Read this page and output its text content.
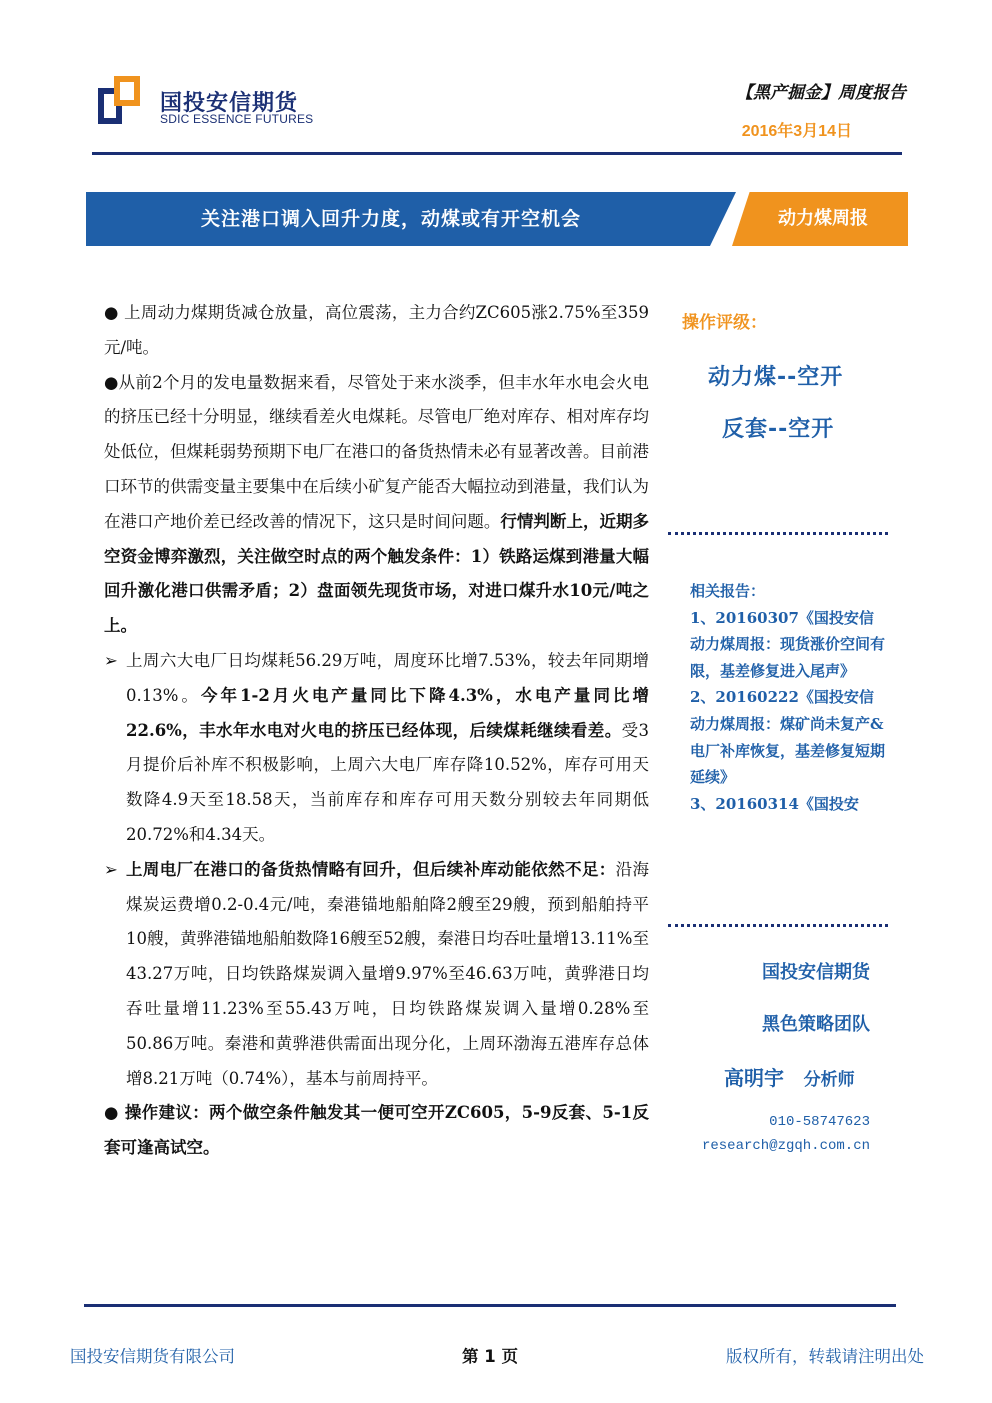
国投安信期货
SDIC ESSENCE FUTURES
【黑产掘金】周度报告
2016年3月14日
关注港口调入回升力度，动煤或有开空机会	动力煤周报

● 上周动力煤期货减仓放量，高位震荡，主力合约ZC605涨2.75%至359元/吨。

●从前2个月的发电量数据来看，尽管处于来水淡季，但丰水年水电会火电的挤压已经十分明显，继续看差火电煤耗。尽管电厂绝对库存、相对库存均处低位，但煤耗弱势预期下电厂在港口的备货热情未必有显著改善。目前港口环节的供需变量主要集中在后续小矿复产能否大幅拉动到港量，我们认为在港口产地价差已经改善的情况下，这只是时间问题。行情判断上，近期多空资金博弈激烈，关注做空时点的两个触发条件：1）铁路运煤到港量大幅回升激化港口供需矛盾；2）盘面领先现货市场，对进口煤升水10元/吨之上。

➢ 上周六大电厂日均煤耗56.29万吨，周度环比增7.53%，较去年同期增0.13%。今年1-2月火电产量同比下降4.3%，水电产量同比增22.6%，丰水年水电对火电的挤压已经体现，后续煤耗继续看差。受3月提价后补库不积极影响，上周六大电厂库存降10.52%，库存可用天数降4.9天至18.58天，当前库存和库存可用天数分别较去年同期低20.72%和4.34天。

➢ 上周电厂在港口的备货热情略有回升，但后续补库动能依然不足：沿海煤炭运费增0.2-0.4元/吨，秦港锚地船舶降2艘至29艘，预到船舶持平10艘，黄骅港锚地船舶数降16艘至52艘，秦港日均吞吐量增13.11%至43.27万吨，日均铁路煤炭调入量增9.97%至46.63万吨，黄骅港日均吞吐量增11.23%至55.43万吨，日均铁路煤炭调入量增0.28%至50.86万吨。秦港和黄骅港供需面出现分化，上周环渤海五港库存总体增8.21万吨（0.74%），基本与前周持平。

● 操作建议：两个做空条件触发其一便可空开ZC605，5-9反套、5-1反套可逢高试空。

操作评级：
动力煤--空开
反套--空开

相关报告：

1、20160307《国投安信动力煤周报：现货涨价空间有限，基差修复进入尾声》

2、20160222《国投安信动力煤周报：煤矿尚未复产&电厂补库恢复，基差修复短期延续》

3、20160314《国投安

国投安信期货
黑色策略团队
高明宇 分析师
010-58747623
research@zgqh.com.cn
国投安信期货有限公司	第 1 页	版权所有，转载请注明出处
